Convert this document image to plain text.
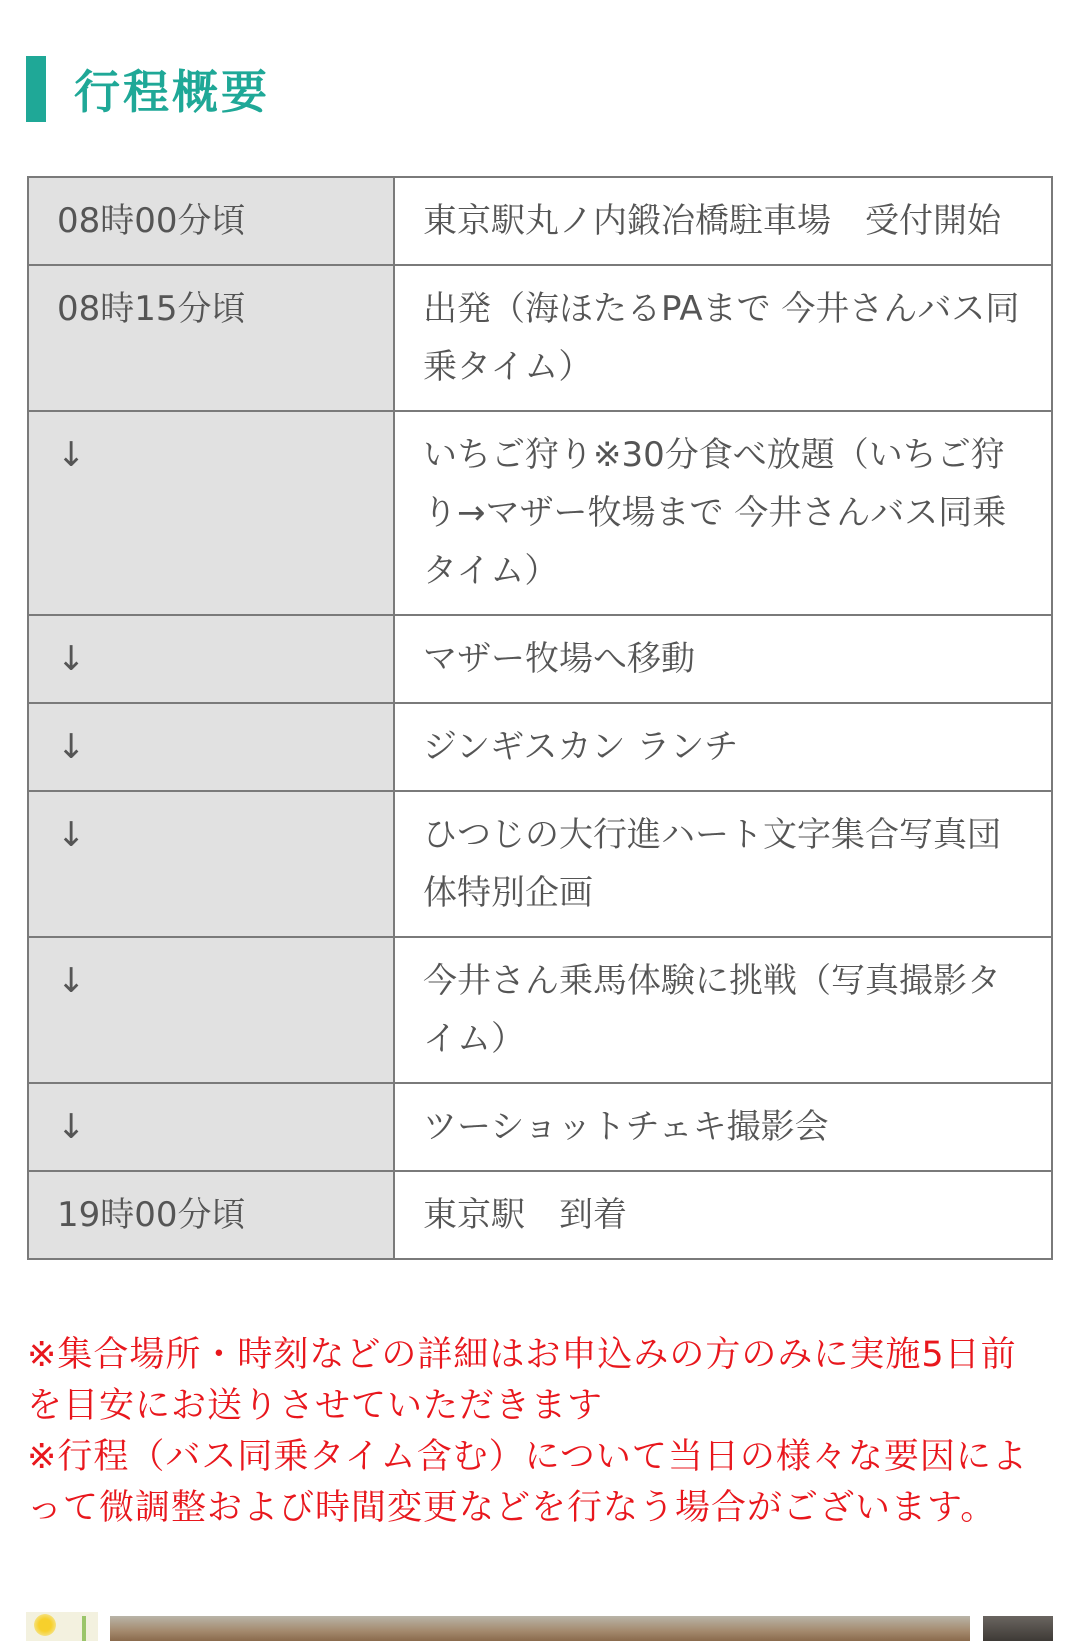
行程概要
08時00分頃	東京駅丸ノ内鍛冶橋駐車場　受付開始
08時15分頃	出発（海ほたるPAまで 今井さんバス同乗タイム）
↓	いちご狩り※30分食べ放題（いちご狩り→マザー牧場まで 今井さんバス同乗タイム）
↓	マザー牧場へ移動
↓	ジンギスカン ランチ
↓	ひつじの大行進ハート文字集合写真団体特別企画
↓	今井さん乗馬体験に挑戦（写真撮影タイム）
↓	ツーショットチェキ撮影会
19時00分頃	東京駅　到着

※集合場所・時刻などの詳細はお申込みの方のみに実施5日前を目安にお送りさせていただきます

※行程（バス同乗タイム含む）について当日の様々な要因によって微調整および時間変更などを行なう場合がございます。
